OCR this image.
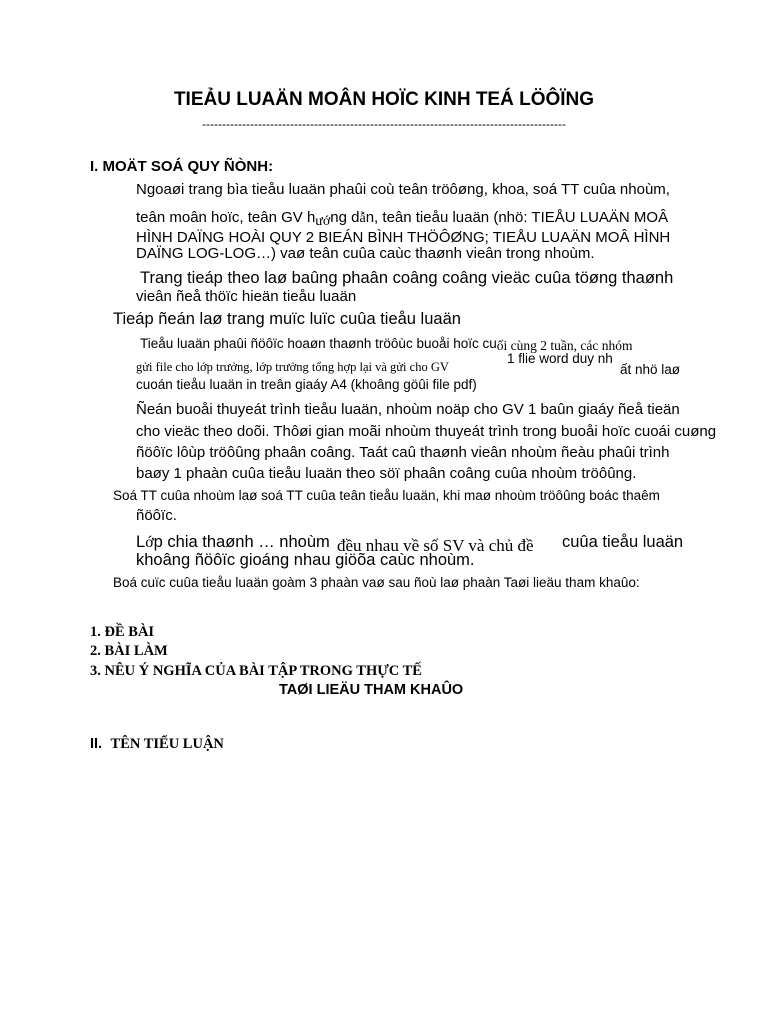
TIEẢU LUAÄN MOÂN HOÏC KINH TEÁ LÖÔÏNG
-------------------------------------------------------------------------------------------
I. MOÄT SOÁ QUY ÑÒNH:
Ngoaøi trang bìa tieåu luaän phaûi coù teân tröôøng, khoa, soá TT cuûa nhoùm,
teân moân hoïc, teân GV hướng dẫn, teân tieåu luaän (nhö: TIEÅU LUAÄN MOÂ
HÌNH DAÏNG HOÀI QUY 2 BIEÁN BÌNH THÖÔØNG; TIEÅU LUAÄN MOÂ HÌNH
DAÏNG LOG-LOG…) vaø teân cuûa caùc thaønh vieân trong nhoùm.
Trang tieáp theo laø baûng phaân coâng coâng vieäc cuûa töøng thaønh
vieân ñeå thöïc hieän tieåu luaän
Tieáp ñeán laø trang muïc luïc cuûa tieåu luaän
Tieåu luaän phaûi ñöôïc hoaøn thaønh tröôùc buoåi hoïc cuối cùng 2 tuần, các nhóm
gửi file cho lớp trưởng, lớp trưởng tổng hợp lại và gửi cho GV
1 flie word duy nh
ất nhö laø
cuoán tieåu luaän in treân giaáy A4 (khoâng göûi file pdf)
Ñeán buoåi thuyeát trình tieåu luaän, nhoùm noäp cho GV 1 baûn giaáy ñeå tieän
cho vieäc theo doõi. Thôøi gian moãi nhoùm thuyeát trình trong buoåi hoïc cuoái cuøng
ñöôïc lôùp tröôûng phaân coâng. Taát caû thaønh vieân nhoùm ñeàu phaûi trình
baøy 1 phaàn cuûa tieåu luaän theo söï phaân coâng cuûa nhoùm tröôûng.
Soá TT cuûa nhoùm laø soá TT cuûa teân tieåu luaän, khi maø nhoùm tröôûng boác thaêm
ñöôïc.
Lớp chia thaønh … nhoùm đều nhau về số SV và chủ đề cuûa tieåu luaän
khoâng ñöôïc gioáng nhau giöõa caùc nhoùm.
Boá cuïc cuûa tieåu luaän goàm 3 phaàn vaø sau ñoù laø phaàn Taøi lieäu tham khaûo:
1. ĐỀ BÀI
2. BÀI LÀM
3. NÊU Ý NGHĨA CỦA BÀI TẬP TRONG THỰC TẾ
TAØI LIEÄU THAM KHAÛO
II. TÊN TIỂU LUẬN
